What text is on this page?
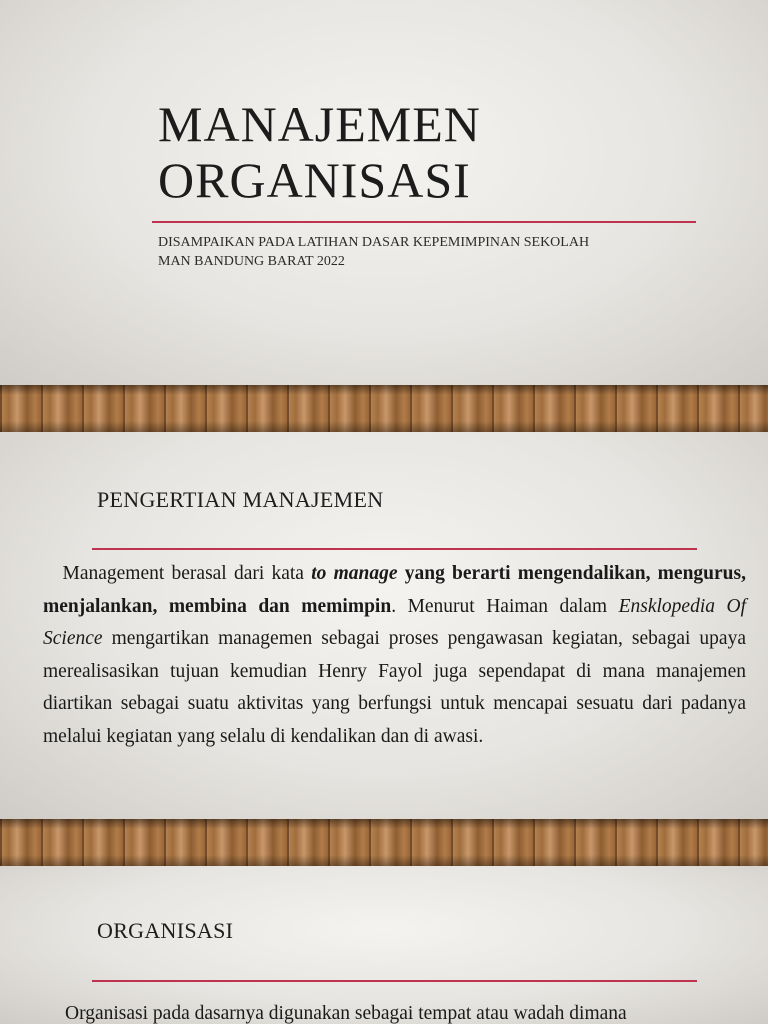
MANAJEMEN
ORGANISASI
DISAMPAIKAN PADA LATIHAN DASAR KEPEMIMPINAN SEKOLAH
MAN BANDUNG BARAT 2022
PENGERTIAN MANAJEMEN

 Management berasal dari kata to manage yang berarti mengendalikan, mengurus, menjalankan, membina dan memimpin. Menurut Haiman dalam Ensklopedia Of Science mengartikan managemen sebagai proses pengawasan kegiatan, sebagai upaya merealisasikan tujuan kemudian Henry Fayol juga sependapat di mana manajemen diartikan sebagai suatu aktivitas yang berfungsi untuk mencapai sesuatu dari padanya melalui kegiatan yang selalu di kendalikan dan di awasi.

ORGANISASI

Organisasi pada dasarnya digunakan sebagai tempat atau wadah dimana
